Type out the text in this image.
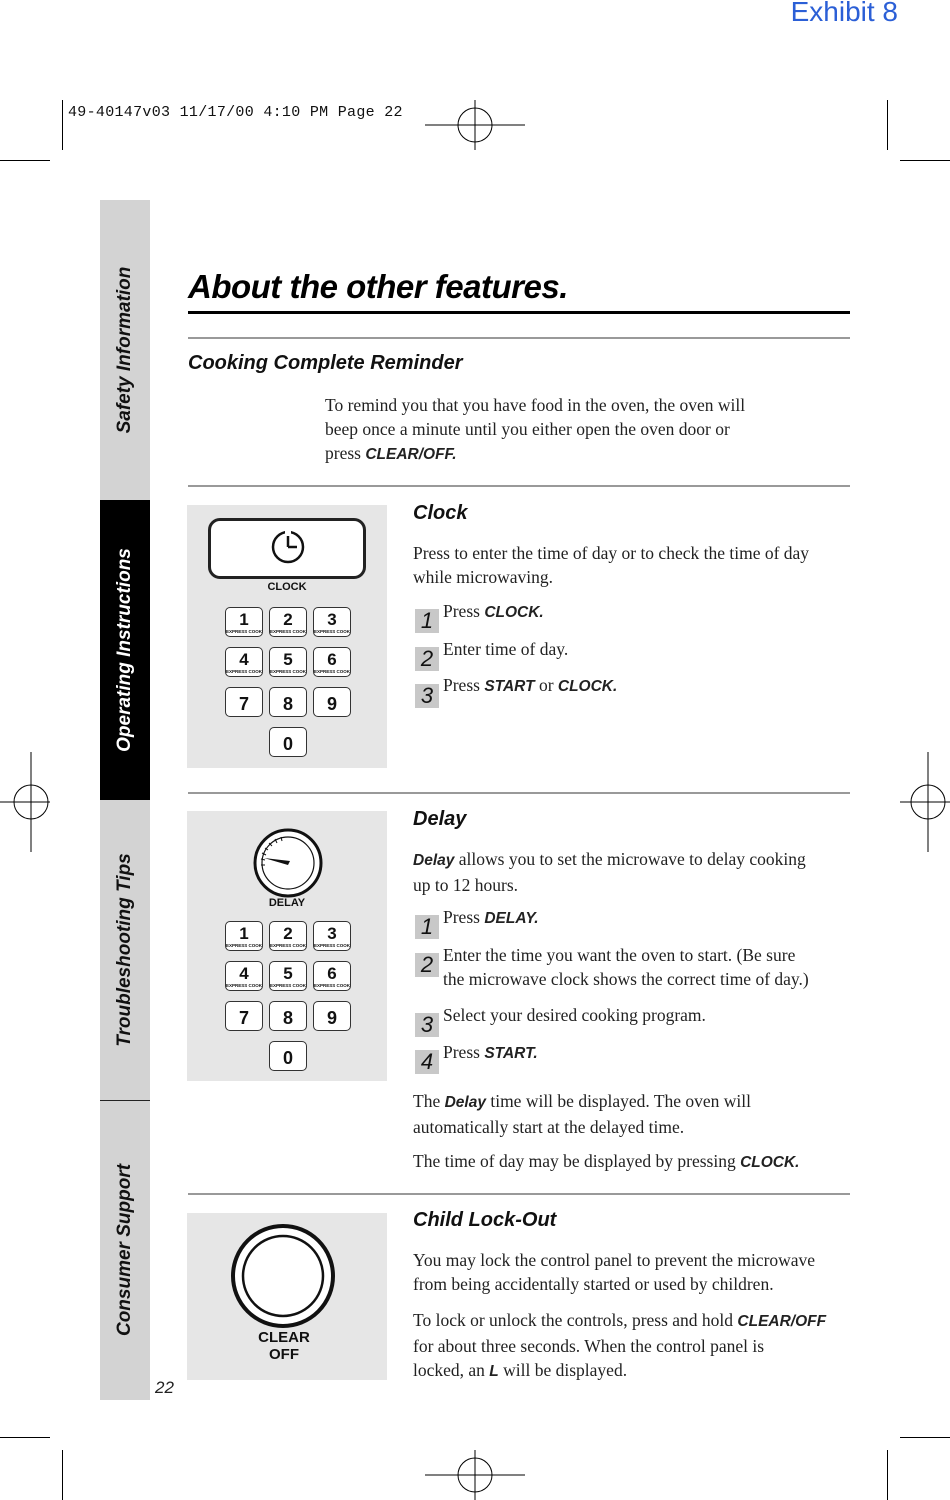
Exhibit 8
49-40147v03 11/17/00 4:10 PM Page 22
Safety Information
Operating Instructions
Troubleshooting Tips
Consumer Support
22
About the other features.
Cooking Complete Reminder
To remind you that you have food in the oven, the oven will
beep once a minute until you either open the oven door or
press CLEAR/OFF.
CLOCK
1
EXPRESS COOK
2
EXPRESS COOK
3
EXPRESS COOK
4
EXPRESS COOK
5
EXPRESS COOK
6
EXPRESS COOK
7	8	9
0
Clock
Press to enter the time of day or to check the time of day
while microwaving.
1 Press CLOCK.
2 Enter time of day.
3 Press START or CLOCK.
DELAY
1
EXPRESS COOK
2
EXPRESS COOK
3
EXPRESS COOK
4
EXPRESS COOK
5
EXPRESS COOK
6
EXPRESS COOK
7	8	9
0
Delay
Delay allows you to set the microwave to delay cooking
up to 12 hours.
1 Press DELAY.
2 Enter the time you want the oven to start. (Be sure
the microwave clock shows the correct time of day.)
3 Select your desired cooking program.
4 Press START.
The Delay time will be displayed. The oven will
automatically start at the delayed time.
The time of day may be displayed by pressing CLOCK.
CLEAR
OFF
Child Lock-Out
You may lock the control panel to prevent the microwave
from being accidentally started or used by children.
To lock or unlock the controls, press and hold CLEAR/OFF
for about three seconds. When the control panel is
locked, an L will be displayed.
